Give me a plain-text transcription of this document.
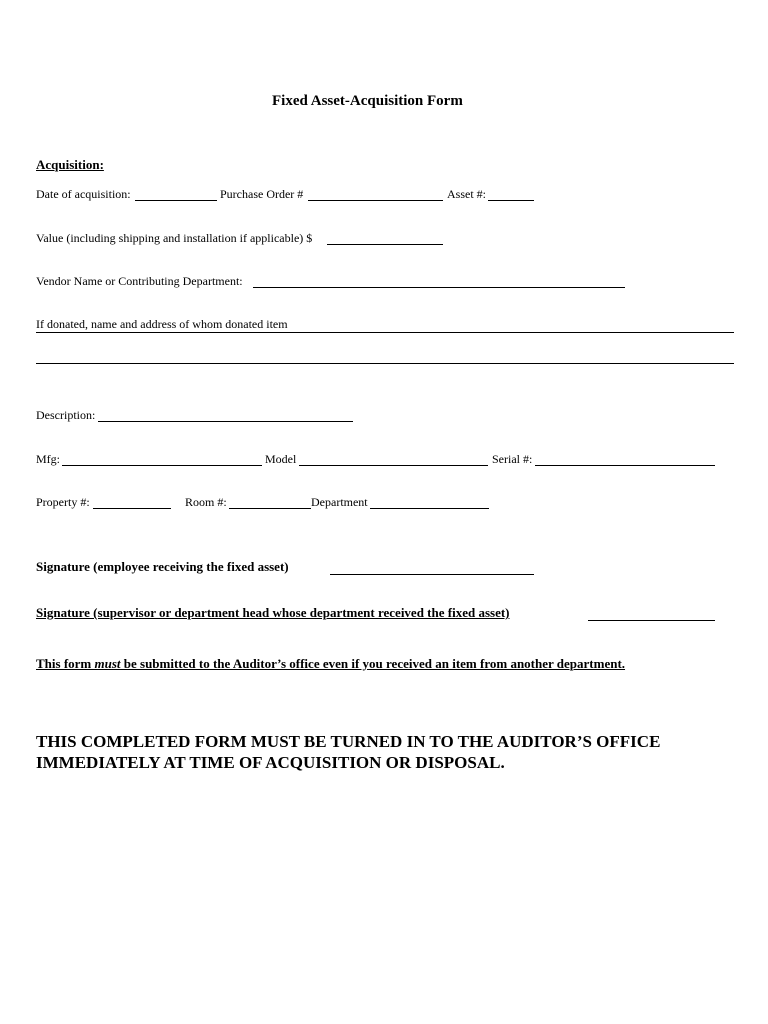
Fixed Asset-Acquisition Form
Acquisition:
Date of acquisition:	Purchase Order #	Asset #:
Value (including shipping and installation if applicable) $
Vendor Name or Contributing Department:
If donated, name and address of whom donated item
Description:
Mfg:	Model	Serial #:
Property #:	Room #:	Department
Signature (employee receiving the fixed asset)
Signature (supervisor or department head whose department received the fixed asset)
This form must be submitted to the Auditor’s office even if you received an item from another department.
THIS COMPLETED FORM MUST BE TURNED IN TO THE AUDITOR’S OFFICE
IMMEDIATELY AT TIME OF ACQUISITION OR DISPOSAL.
